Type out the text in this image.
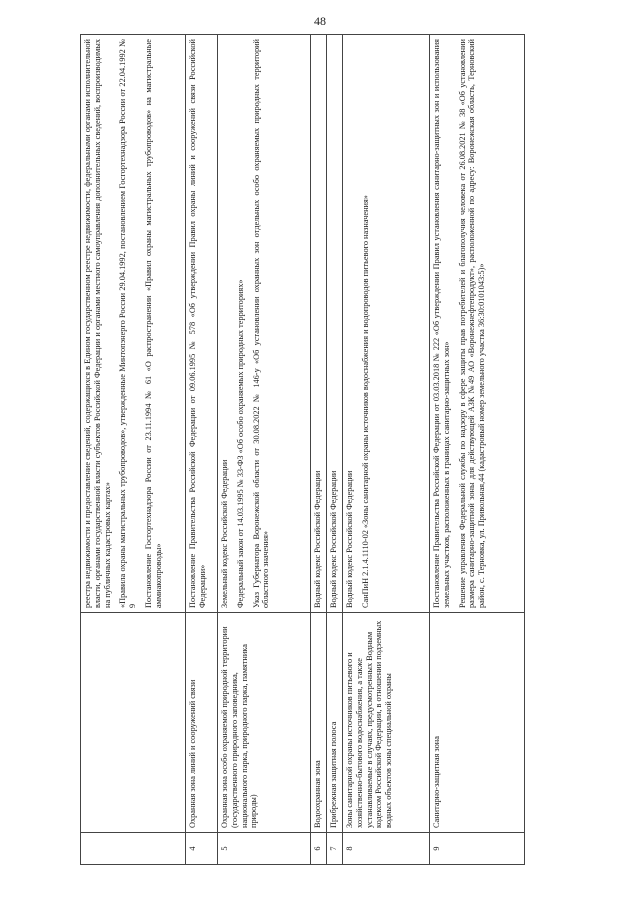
48

		реестра недвижимости и предоставление сведений, содержащихся в Едином государственном реестре недвижимости, федеральными органами исполнительной власти, органами государственной власти субъектов Российской Федерации и органами местного самоуправления дополнительных сведений, воспроизводимых на публичных кадастровых картах» «Правила охраны магистральных трубопроводов», утвержденные Минтопэнерго России 29.04.1992, постановлением Госгортехнадзора России от 22.04.1992 № 9 Постановление Госгортехнадзора России от 23.11.1994 № 61 «О распространении «Правил охраны магистральных трубопроводов» на магистральные аммиакопроводы»

4	Охранная зона линий и сооружений связи	Постановление Правительства Российской Федерации от 09.06.1995 № 578 «Об утверждении Правил охраны линий и сооружений связи Российской Федерации»

5	Охранная зона особо охраняемой природной территории (государственного природного заповедника, национального парка, природного парка, памятника природы)	Земельный кодекс Российской Федерации Федеральный закон от 14.03.1995 № 33-ФЗ «Об особо охраняемых природных территориях» Указ Губернатора Воронежской области от 30.08.2022 № 146-у «Об установлении охранных зон отдельных особо охраняемых природных территорий областного значения»

6	Водоохранная зона	Водный кодекс Российской Федерации

7	Прибрежная защитная полоса	Водный кодекс Российской Федерации

8	Зоны санитарной охраны источников питьевого и хозяйственно-бытового водоснабжения, а также устанавливаемые в случаях, предусмотренных Водным кодексом Российской Федерации, в отношении подземных водных объектов зоны специальной охраны	Водный кодекс Российской Федерации СанПиН 2.1.4.1110-02 «Зоны санитарной охраны источников водоснабжения и водопроводов питьевого назначения»

9	Санитарно-защитная зона	Постановление Правительства Российской Федерации от 03.03.2018 № 222 «Об утверждении Правил установления санитарно-защитных зон и использования земельных участков, расположенных в границах санитарно-защитных зон» Решение управления Федеральной службы по надзору в сфере защиты прав потребителей и благополучия человека от 26.08.2021 № 38 «Об установлении размера санитарно-защитной зоны для действующей АЗК №49 АО «Воронежнефтепродукт», расположенной по адресу: Воронежская область, Терновский район, с. Терновка, ул. Привольная,44 (кадастровый номер земельного участка 36:30:0101043:5)»
